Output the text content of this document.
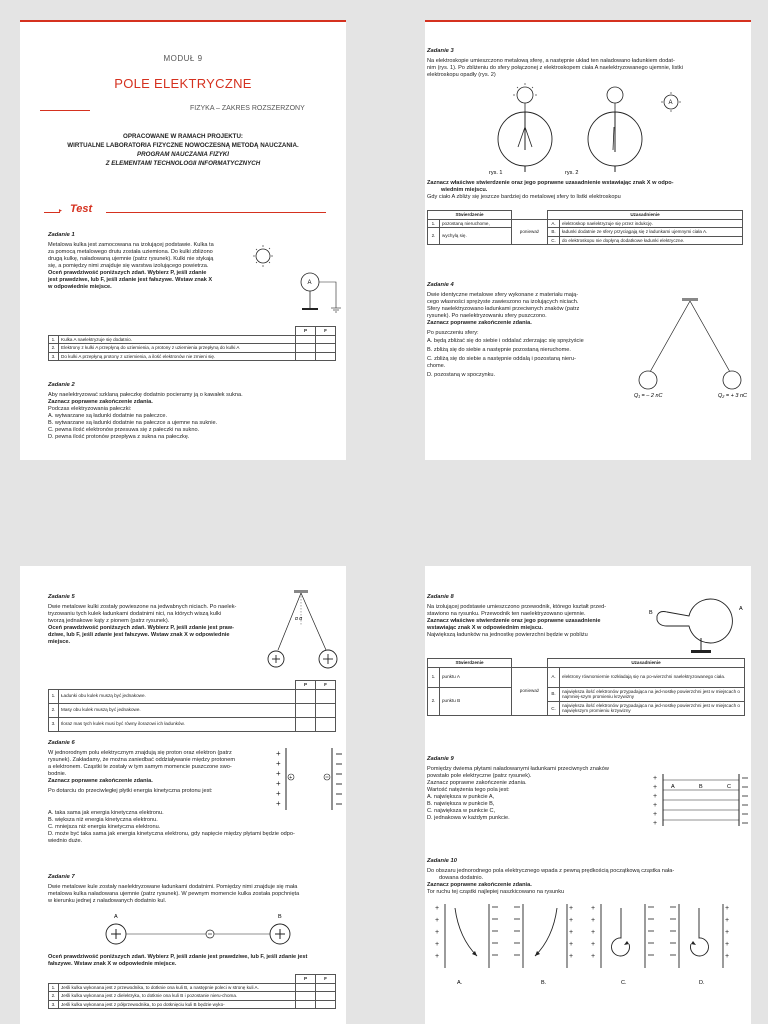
MODUŁ 9
POLE ELEKTRYCZNE
FIZYKA – ZAKRES ROZSZERZONY
OPRACOWANE W RAMACH PROJEKTU:
WIRTUALNE LABORATORIA FIZYCZNE NOWOCZESNĄ METODĄ NAUCZANIA.
PROGRAM NAUCZANIA FIZYKI
Z ELEMENTAMI TECHNOLOGII INFORMATYCZNYCH
► Test
Zadanie 1
Metalowa kulka jest zamocowana na izolującej podstawie. Kulka ta
za pomocą metalowego drutu została uziemiona. Do kulki zbliżono
drugą kulkę, naładowaną ujemnie (patrz rysunek). Kulki nie stykają
się, a pomiędzy nimi znajduje się warstwa izolującego powietrza.
Oceń prawdziwość poniższych zdań. Wybierz P, jeśli zdanie
jest prawdziwe, lub F, jeśli zdanie jest fałszywe. Wstaw znak X
w odpowiednie miejsce.
A
		P	F
1.	Kulka A naelektryzuje się dodatnio.		
2.	Elektrony z kulki A przepłyną do uziemienia, a protony z uziemienia przepłyną do kulki A		
3.	Do kulki A przepłyną protony z uziemienia, a ilość elektronów nie zmieni się.		
Zadanie 2
Aby naelektryzować szklaną pałeczkę dodatnio pocieramy ją o kawałek sukna.
Zaznacz poprawne zakończenie zdania.
Podczas elektryzowania pałeczki:
A. wytwarzane są ładunki dodatnie na pałeczce.
B. wytwarzane są ładunki dodatnie na pałeczce a ujemne na suknie.
C. pewna ilość elektronów przesuwa się z pałeczki na sukno.
D. pewna ilość protonów przepływa z sukna na pałeczkę.
Zadanie 3
Na elektroskopie umieszczono metalową sferę, a następnie układ ten naładowano ładunkiem dodat-
nim (rys. 1). Po zbliżeniu do sfery połączonej z elektroskopem ciała A naelektryzowanego ujemnie, listki
elektroskopu opadły (rys. 2)
A
rys. 1	rys. 2
Zaznacz właściwe stwierdzenie oraz jego poprawne uzasadnienie wstawiając znak X w odpo-
wiednim miejscu.
Gdy ciało A zbliży się jeszcze bardziej do metalowej sfery to listki elektroskopu
Stwierdzenie			Uzasadnienie	
1.	pozostaną nieruchome,	ponieważ	A.	elektroskop naelektryzuje się przez indukcję.
			B.	ładunki dodatnie ze sfery przyciągają się z ładunkami ujemnymi ciała A.
2.	wychylą się.			
			C.	do elektroskopu nie dopłyną dodatkowe ładunki elektryczne.
Zadanie 4
Dwie identyczne metalowe sfery wykonane z materiału mają-
cego własności sprężyste zawieszono na izolujących niciach.
Sfery naelektryzowano ładunkami przeciwnych znaków (patrz
rysunek). Po naelektryzowaniu sfery puszczono.
Zaznacz poprawne zakończenie zdania.
Po puszczeniu sfery:
A. będą zbliżać się do siebie i oddalać zderzając się sprężyście
B. zbliżą się do siebie a następnie pozostaną nieruchome.
C. zbliżą się do siebie a następnie oddalą i pozostaną nieru-
chome.
D. pozostaną w spoczynku.
Q₁ = – 2 nC	Q₂ = + 3 nC
Zadanie 5
Dwie metalowe kulki zostały powieszone na jedwabnych niciach. Po naelek-
tryzowaniu tych kulek ładunkami dodatnimi nici, na których wiszą kulki
tworzą jednakowe kąty z pionem (patrz rysunek).
Oceń prawdziwość poniższych zdań. Wybierz P, jeśli zdanie jest praw-
dziwe, lub F, jeśli zdanie jest fałszywe. Wstaw znak X w odpowiednie
miejsce.
α α
		P	F
1.	Ładunki obu kulek muszą być jednakowe.		
2.	Masy obu kulek muszą być jednakowe.		
3.	Iloraz mas tych kulek musi być równy ilorazowi ich ładunków.		
Zadanie 6
W jednorodnym polu elektrycznym znajdują się proton oraz elektron (patrz
rysunek). Zakładamy, że można zaniedbać oddziaływanie między protonem
a elektronem. Cząstki te zostały w tym samym momencie puszczone swo-
bodnie.
Zaznacz poprawne zakończenie zdania.
Po dotarciu do przeciwległej płytki energia kinetyczna protonu jest:
A. taka sama jak energia kinetyczna elektronu.
B. większa niż energia kinetyczna elektronu.
C. mniejsza niż energia kinetyczna elektronu.
D. może być taka sama jak energia kinetyczna elektronu, gdy napięcie między płytami będzie odpo-
wiednio duże.
+
+
+
+
+
+
+
Zadanie 7
Dwie metalowe kule zostały naelektryzowane ładunkami dodatnimi. Pomiędzy nimi znajduje się mała
metalowa kulka naładowana ujemnie (patrz rysunek). W pewnym momencie kulka została popchnięta
w kierunku jednej z naładowanych dodatnio kul.
A	B
Oceń prawdziwość poniższych zdań. Wybierz P, jeśli zdanie jest prawdziwe, lub F, jeśli zdanie jest
fałszywe. Wstaw znak X w odpowiednie miejsce.
		P	F
1.	Jeśli kulka wykonana jest z przewodnika, to dotknie ona kuli B, a następnie poleci w stronę kuli A.		
2.	Jeśli kulka wykonana jest z dielektryka, to dotknie ona kuli B i pozostanie nieru-choma.		
3.	Jeśli kulka wykonana jest z półprzewodnika, to po dotknięciu kuli B będzie wyko-		
Zadanie 8
Na izolującej podstawie umieszczono przewodnik, którego kształt przed-
stawiono na rysunku. Przewodnik ten naelektryzowano ujemnie.
Zaznacz właściwe stwierdzenie oraz jego poprawne uzasadnienie
wstawiając znak X w odpowiednim miejscu.
Największą ładunków na jednostkę powierzchni będzie w pobliżu
B
A
Stwierdzenie			Uzasadnienie	
1.	punktu A	ponieważ	A.	elektrony równomiernie rozkładają się na po-wierzchni naelektryzowanego ciała.
			B.	największa ilość elektronów przypadająca na jed-nostkę powierzchni jest w miejscach o najmniej-szym promieniu krzywizny
2.	punktu B			
			C.	największa ilość elektronów przypadająca na jed-nostkę powierzchni jest w miejscach o największym promieniu krzywizny
Zadanie 9
Pomiędzy dwiema płytami naładowanymi ładunkami przeciwnych znaków
powstało pole elektryczne (patrz rysunek).
Zaznacz poprawne zakończenie zdania.
Wartość natężenia tego pola jest:
A. największa w punkcie A,
B. największa w punkcie B,
C. największa w punkcie C,
D. jednakowa w każdym punkcie.
+
+
+
+
+
+
A	B	C
Zadanie 10
Do obszaru jednorodnego pola elektrycznego wpada z pewną prędkością początkową cząstka nała-
dowana dodatnio.
Zaznacz poprawne zakończenie zdania.
Tor ruchu tej cząstki najlepiej naszkicowano na rysunku
+
+
+
+
+
+
+
+
+
+
+
+
+
+
+
+
+
+
+
+
A.	B.	C.	D.
